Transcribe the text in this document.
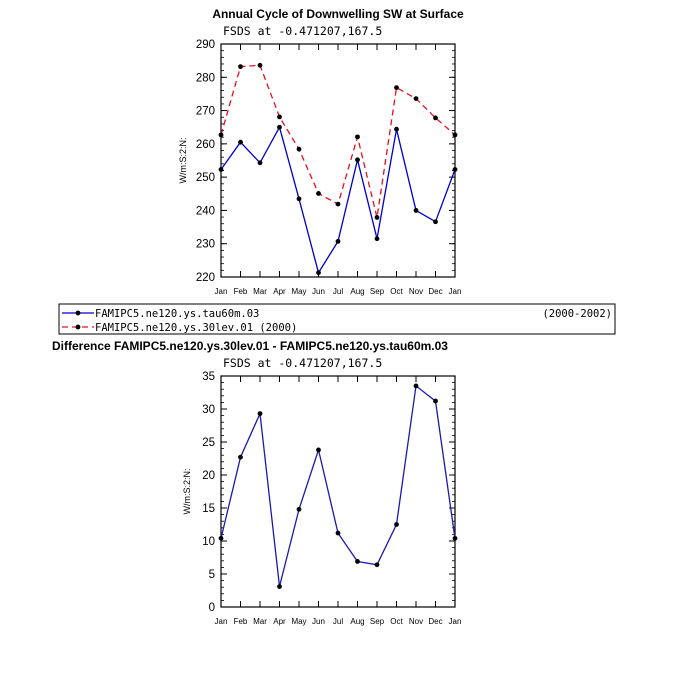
Annual Cycle of Downwelling SW at Surface
FSDS at -0.471207,167.5
220
230
240
250
260
270
280
290
Jan Feb Mar Apr May Jun Jul Aug Sep Oct Nov Dec Jan
W/m:S:2:N:
FAMIPC5.ne120.ys.tau60m.03	(2000-2002)
FAMIPC5.ne120.ys.30lev.01 (2000)
Difference FAMIPC5.ne120.ys.30lev.01 - FAMIPC5.ne120.ys.tau60m.03
FSDS at -0.471207,167.5
0
5
10
15
20
25
30
35
Jan Feb Mar Apr May Jun Jul Aug Sep Oct Nov Dec Jan
W/m:S:2:N:
